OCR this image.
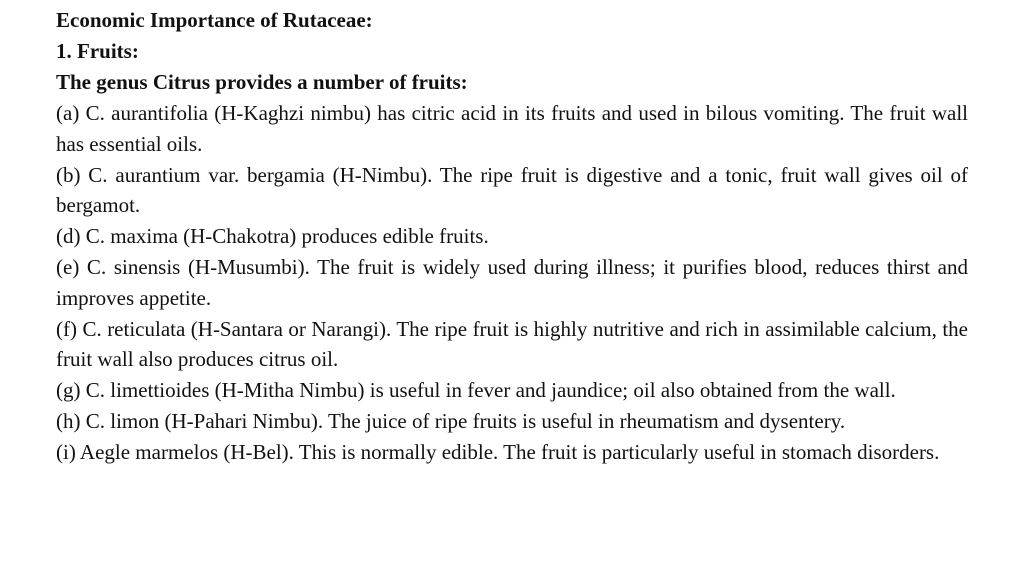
Economic Importance of Rutaceae:

1. Fruits:

The genus Citrus provides a number of fruits:

(a) C. aurantifolia (H-Kaghzi nimbu) has citric acid in its fruits and used in bilous vomiting. The fruit wall has essential oils.

(b) C. aurantium var. bergamia (H-Nimbu). The ripe fruit is digestive and a tonic, fruit wall gives oil of bergamot.

(d) C. maxima (H-Chakotra) produces edible fruits.

(e) C. sinensis (H-Musumbi). The fruit is widely used during illness; it purifies blood, reduces thirst and improves appetite.

(f) C. reticulata (H-Santara or Narangi). The ripe fruit is highly nutritive and rich in assimilable calcium, the fruit wall also produces citrus oil.

(g) C. limettioides (H-Mitha Nimbu) is useful in fever and jaundice; oil also obtained from the wall.

(h) C. limon (H-Pahari Nimbu). The juice of ripe fruits is useful in rheumatism and dysentery.

(i) Aegle marmelos (H-Bel). This is normally edible. The fruit is particularly useful in stomach disorders.
